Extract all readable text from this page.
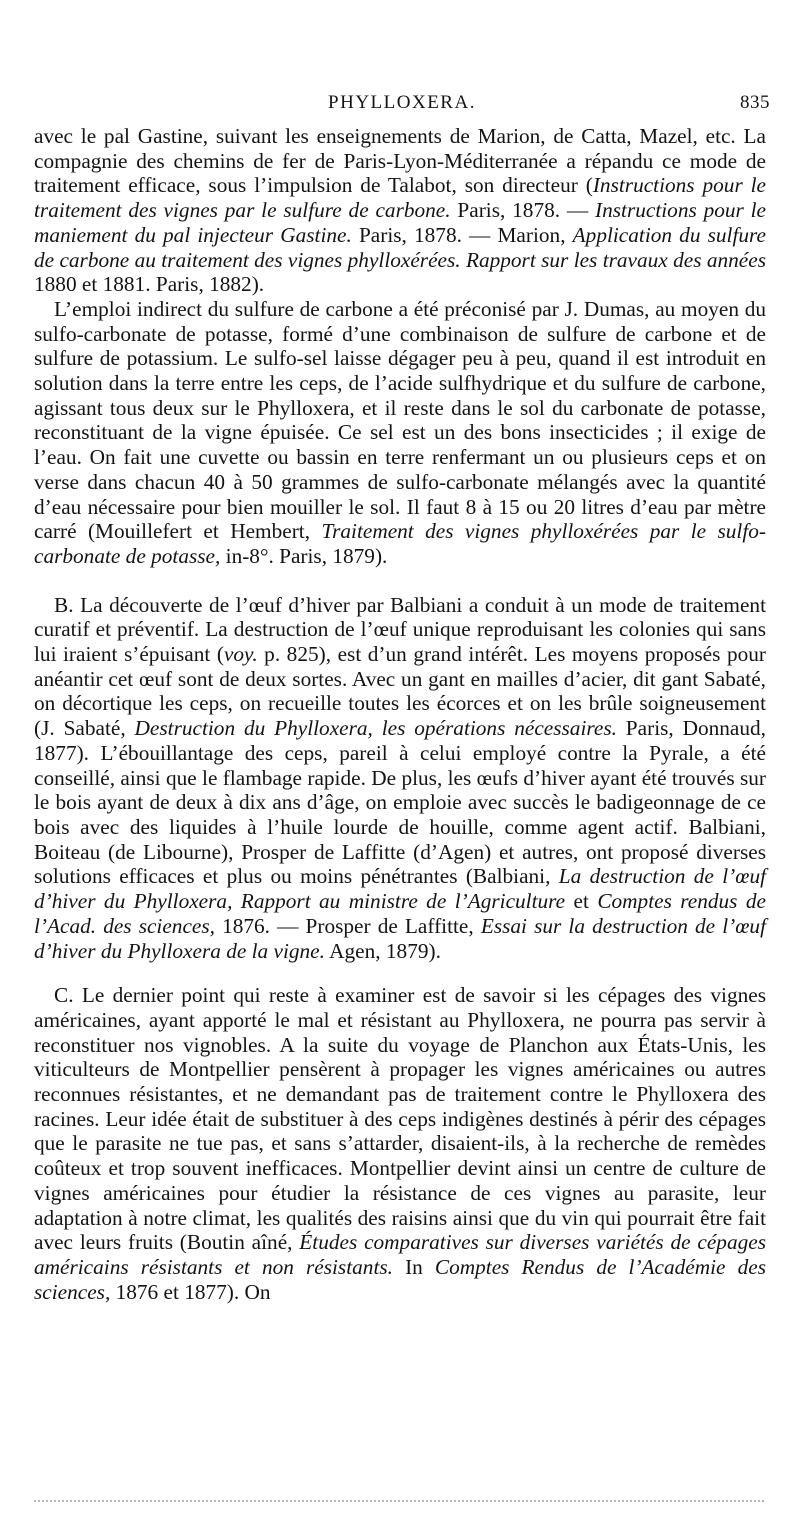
PHYLLOXERA.	835

avec le pal Gastine, suivant les enseignements de Marion, de Catta, Mazel, etc. La compagnie des chemins de fer de Paris-Lyon-Méditerranée a répandu ce mode de traitement efficace, sous l’impulsion de Talabot, son directeur (Instructions pour le traitement des vignes par le sulfure de carbone. Paris, 1878. — Instructions pour le maniement du pal injecteur Gastine. Paris, 1878. — Marion, Application du sulfure de carbone au traitement des vignes phylloxérées. Rapport sur les travaux des années 1880 et 1881. Paris, 1882).

L’emploi indirect du sulfure de carbone a été préconisé par J. Dumas, au moyen du sulfo-carbonate de potasse, formé d’une combinaison de sulfure de carbone et de sulfure de potassium. Le sulfo-sel laisse dégager peu à peu, quand il est introduit en solution dans la terre entre les ceps, de l’acide sulfhydrique et du sulfure de carbone, agissant tous deux sur le Phylloxera, et il reste dans le sol du carbonate de potasse, reconstituant de la vigne épuisée. Ce sel est un des bons insecticides ; il exige de l’eau. On fait une cuvette ou bassin en terre renfermant un ou plusieurs ceps et on verse dans chacun 40 à 50 grammes de sulfo-carbonate mélangés avec la quantité d’eau nécessaire pour bien mouiller le sol. Il faut 8 à 15 ou 20 litres d’eau par mètre carré (Mouillefert et Hembert, Traitement des vignes phylloxérées par le sulfo-carbonate de potasse, in-8°. Paris, 1879).

B. La découverte de l’œuf d’hiver par Balbiani a conduit à un mode de traitement curatif et préventif. La destruction de l’œuf unique reproduisant les colonies qui sans lui iraient s’épuisant (voy. p. 825), est d’un grand intérêt. Les moyens proposés pour anéantir cet œuf sont de deux sortes. Avec un gant en mailles d’acier, dit gant Sabaté, on décortique les ceps, on recueille toutes les écorces et on les brûle soigneusement (J. Sabaté, Destruction du Phylloxera, les opérations nécessaires. Paris, Donnaud, 1877). L’ébouillantage des ceps, pareil à celui employé contre la Pyrale, a été conseillé, ainsi que le flambage rapide. De plus, les œufs d’hiver ayant été trouvés sur le bois ayant de deux à dix ans d’âge, on emploie avec succès le badigeonnage de ce bois avec des liquides à l’huile lourde de houille, comme agent actif. Balbiani, Boiteau (de Libourne), Prosper de Laffitte (d’Agen) et autres, ont proposé diverses solutions efficaces et plus ou moins pénétrantes (Balbiani, La destruction de l’œuf d’hiver du Phylloxera, Rapport au ministre de l’Agriculture et Comptes rendus de l’Acad. des sciences, 1876. — Prosper de Laffitte, Essai sur la destruction de l’œuf d’hiver du Phylloxera de la vigne. Agen, 1879).

C. Le dernier point qui reste à examiner est de savoir si les cépages des vignes américaines, ayant apporté le mal et résistant au Phylloxera, ne pourra pas servir à reconstituer nos vignobles. A la suite du voyage de Planchon aux États-Unis, les viticulteurs de Montpellier pensèrent à propager les vignes américaines ou autres reconnues résistantes, et ne demandant pas de traitement contre le Phylloxera des racines. Leur idée était de substituer à des ceps indigènes destinés à périr des cépages que le parasite ne tue pas, et sans s’attarder, disaient-ils, à la recherche de remèdes coûteux et trop souvent inefficaces. Montpellier devint ainsi un centre de culture de vignes américaines pour étudier la résistance de ces vignes au parasite, leur adaptation à notre climat, les qualités des raisins ainsi que du vin qui pourrait être fait avec leurs fruits (Boutin aîné, Études comparatives sur diverses variétés de cépages américains résistants et non résistants. In Comptes Rendus de l’Académie des sciences, 1876 et 1877). On
